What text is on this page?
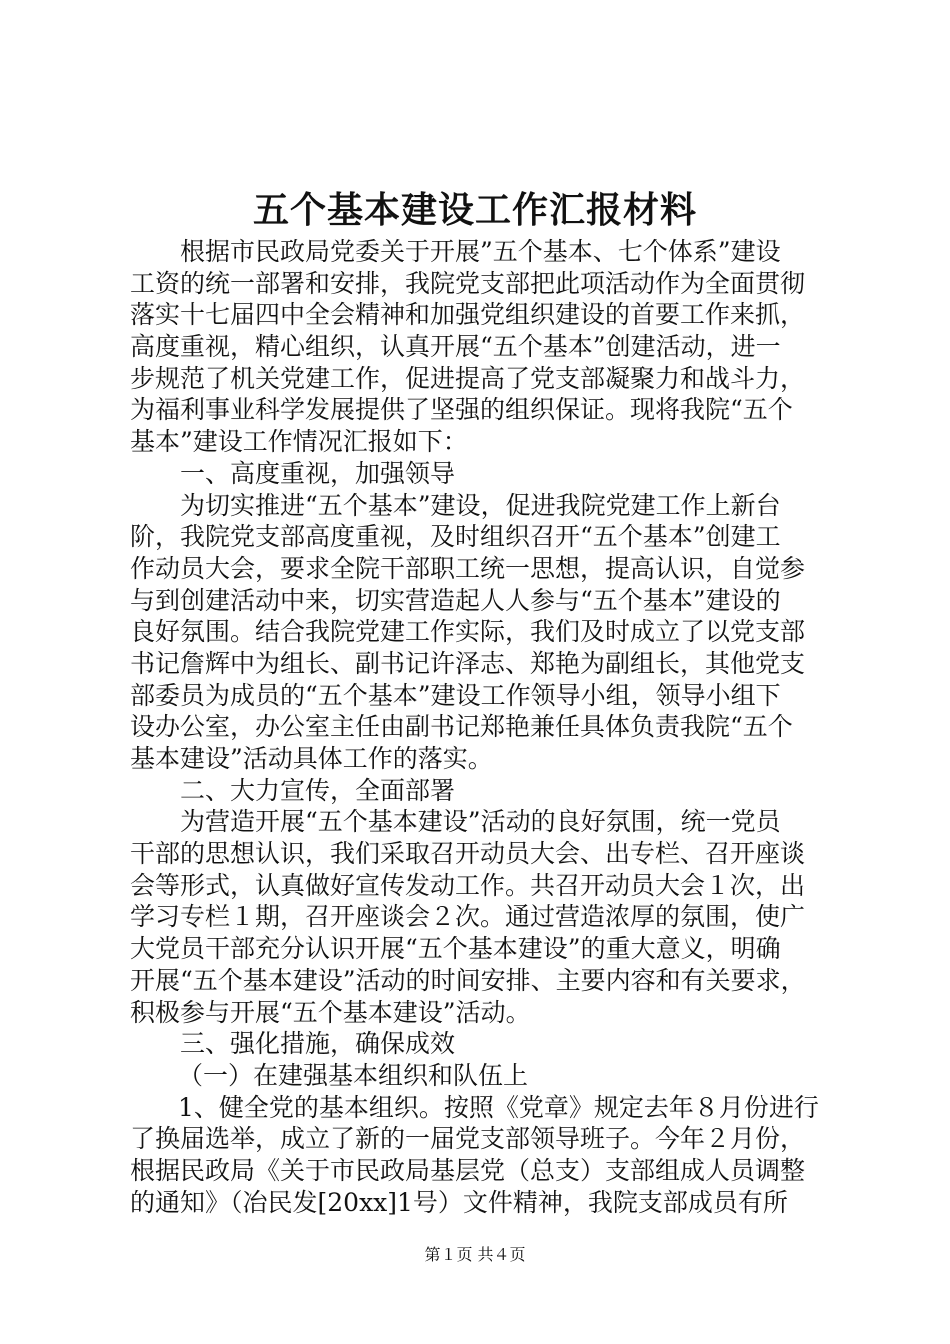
五个基本建设工作汇报材料
根据市民政局党委关于开展”五个基本、七个体系”建设
工资的统一部署和安排，我院党支部把此项活动作为全面贯彻
落实十七届四中全会精神和加强党组织建设的首要工作来抓，
高度重视，精心组织，认真开展“五个基本”创建活动，进一
步规范了机关党建工作，促进提高了党支部凝聚力和战斗力，
为福利事业科学发展提供了坚强的组织保证。现将我院“五个
基本”建设工作情况汇报如下：
一、高度重视，加强领导
为切实推进“五个基本”建设，促进我院党建工作上新台
阶，我院党支部高度重视，及时组织召开“五个基本”创建工
作动员大会，要求全院干部职工统一思想，提高认识，自觉参
与到创建活动中来，切实营造起人人参与“五个基本”建设的
良好氛围。结合我院党建工作实际，我们及时成立了以党支部
书记詹辉中为组长、副书记许泽志、郑艳为副组长，其他党支
部委员为成员的“五个基本”建设工作领导小组，领导小组下
设办公室，办公室主任由副书记郑艳兼任具体负责我院“五个
基本建设”活动具体工作的落实。
二、大力宣传，全面部署
为营造开展“五个基本建设”活动的良好氛围，统一党员
干部的思想认识，我们采取召开动员大会、出专栏、召开座谈
会等形式，认真做好宣传发动工作。共召开动员大会１次，出
学习专栏１期，召开座谈会２次。通过营造浓厚的氛围，使广
大党员干部充分认识开展“五个基本建设”的重大意义，明确
开展“五个基本建设”活动的时间安排、主要内容和有关要求，
积极参与开展“五个基本建设”活动。
三、强化措施，确保成效
（一）在建强基本组织和队伍上
1、健全党的基本组织。按照《党章》规定去年８月份进行
了换届选举，成立了新的一届党支部领导班子。今年２月份，
根据民政局《关于市民政局基层党（总支）支部组成人员调整
的通知》（冶民发[20xx]1号）文件精神，我院支部成员有所
第１页 共４页
